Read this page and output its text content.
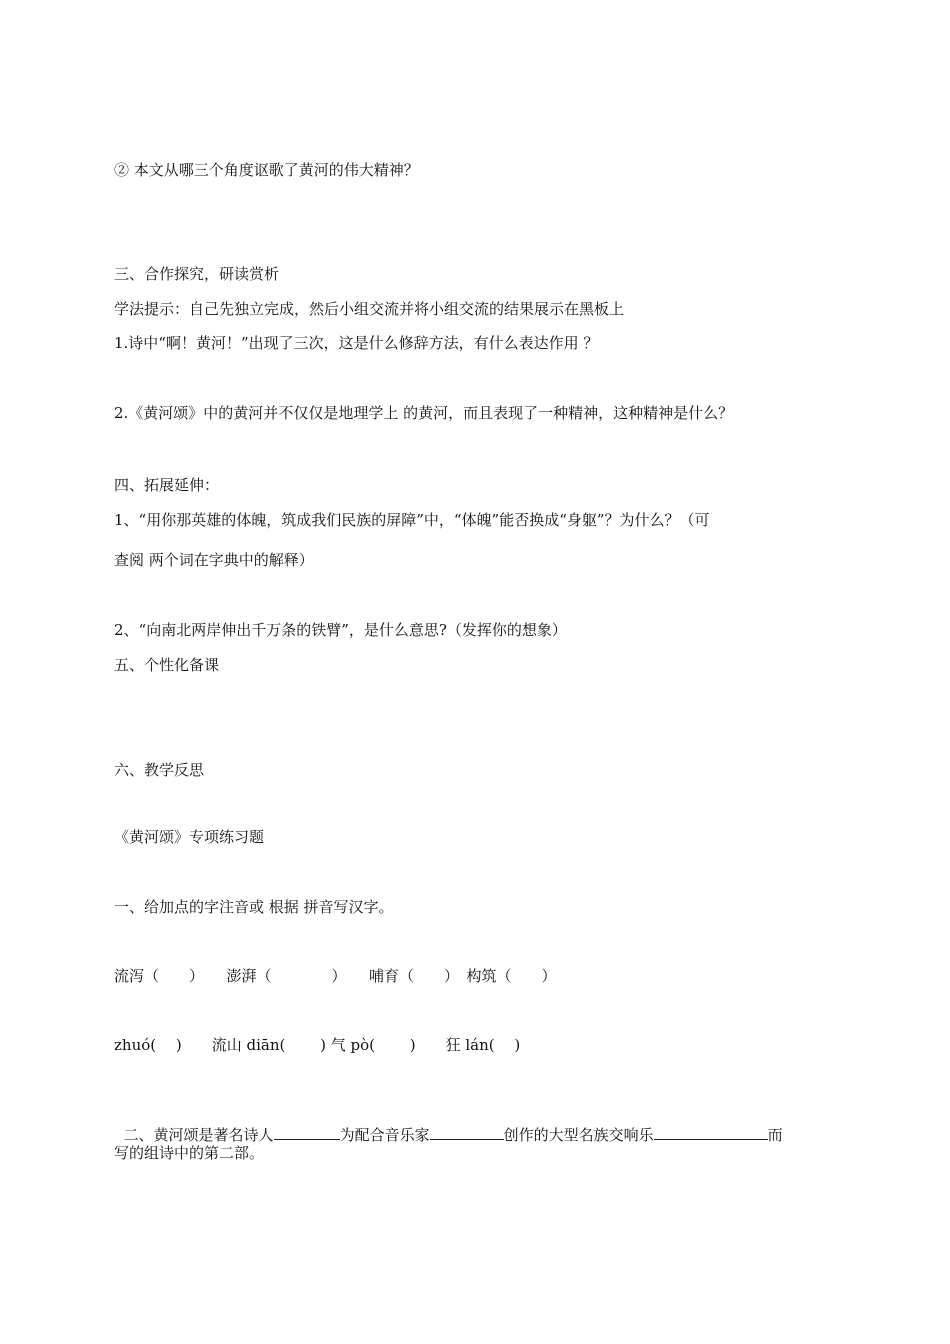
② 本文从哪三个角度讴歌了黄河的伟大精神？
三、合作探究，研读赏析
学法提示：自己先独立完成，然后小组交流并将小组交流的结果展示在黑板上
1.诗中“啊！黄河！”出现了三次，这是什么修辞方法，有什么表达作用 ？
2.《黄河颂》中的黄河并不仅仅是地理学上 的黄河，而且表现了一种精神，这种精神是什么？
四、拓展延伸：
1、“用你那英雄的体魄，筑成我们民族的屏障”中，“体魄”能否换成“身躯”？为什么？（可
查阅 两个词在字典中的解释）
2、“向南北两岸伸出千万条的铁臂”，是什么意思?（发挥你的想象）
五、个性化备课
六、教学反思
《黄河颂》专项练习题
一、给加点的字注音或 根据 拼音写汉字。
流泻（　　）　　澎湃（　　　　）　　哺育（　　）　构筑（　　）
zhuó(　 )　　流山 diān(　　 ) 气 pò(　　 )　　狂 lán(　 )

二、黄河颂是著名诗人	为配合音乐家	创作的大型名族交响乐	而

写的组诗中的第二部。
